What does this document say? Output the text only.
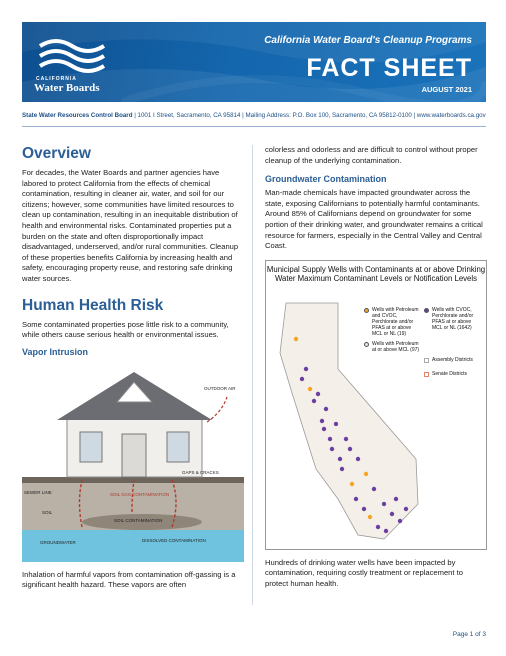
CALIFORNIA
Water Boards
California Water Board's Cleanup Programs
FACT SHEET
AUGUST 2021
State Water Resources Control Board | 1001 I Street, Sacramento, CA 95814 | Mailing Address: P.O. Box 100, Sacramento, CA 95812-0100 | www.waterboards.ca.gov
Overview

For decades, the Water Boards and partner agencies have labored to protect California from the effects of chemical contamination, resulting in cleaner air, water, and soil for our citizens; however, some communities have limited resources to clean up contamination, resulting in an inequitable distribution of health and environmental risks. Contaminated properties put a burden on the state and often disproportionally impact disadvantaged, underserved, and/or rural communities. Cleanup of these properties benefits California by increasing health and safety, encouraging property reuse, and restoring safe drinking water sources.

Human Health Risk

Some contaminated properties pose little risk to a community, while others cause serious health or environmental issues.

Vapor Intrusion
OUTDOOR AIR
GAPS & CRACKS
SEWER LINE	SOIL GAS CONTAMINATION
SOIL
SOIL CONTAMINATION
GROUNDWATER	DISSOLVED CONTAMINATION

Inhalation of harmful vapors from contamination off-gassing is a significant health hazard. These vapors are often

colorless and odorless and are difficult to control without proper cleanup of the underlying contamination.

Groundwater Contamination

Man-made chemicals have impacted groundwater across the state, exposing Californians to potentially harmful contaminants. Around 85% of Californians depend on groundwater for some portion of their drinking water, and groundwater remains a critical resource for farmers, especially in the Central Valley and Central Coast.

Municipal Supply Wells with Contaminants at or above Drinking Water Maximum Contaminant Levels or Notification Levels
Wells with Petroleum and CVOC, Perchlorate and/or PFAS at or above MCL or NL (19)
Wells with CVOC, Perchlorate and/or PFAS at or above MCL or NL (1642)
Wells with Petroleum at or above MCL (97)
Assembly Districts
Senate Districts

Hundreds of drinking water wells have been impacted by contamination, requiring costly treatment or replacement to protect human health.

Page 1 of 3
